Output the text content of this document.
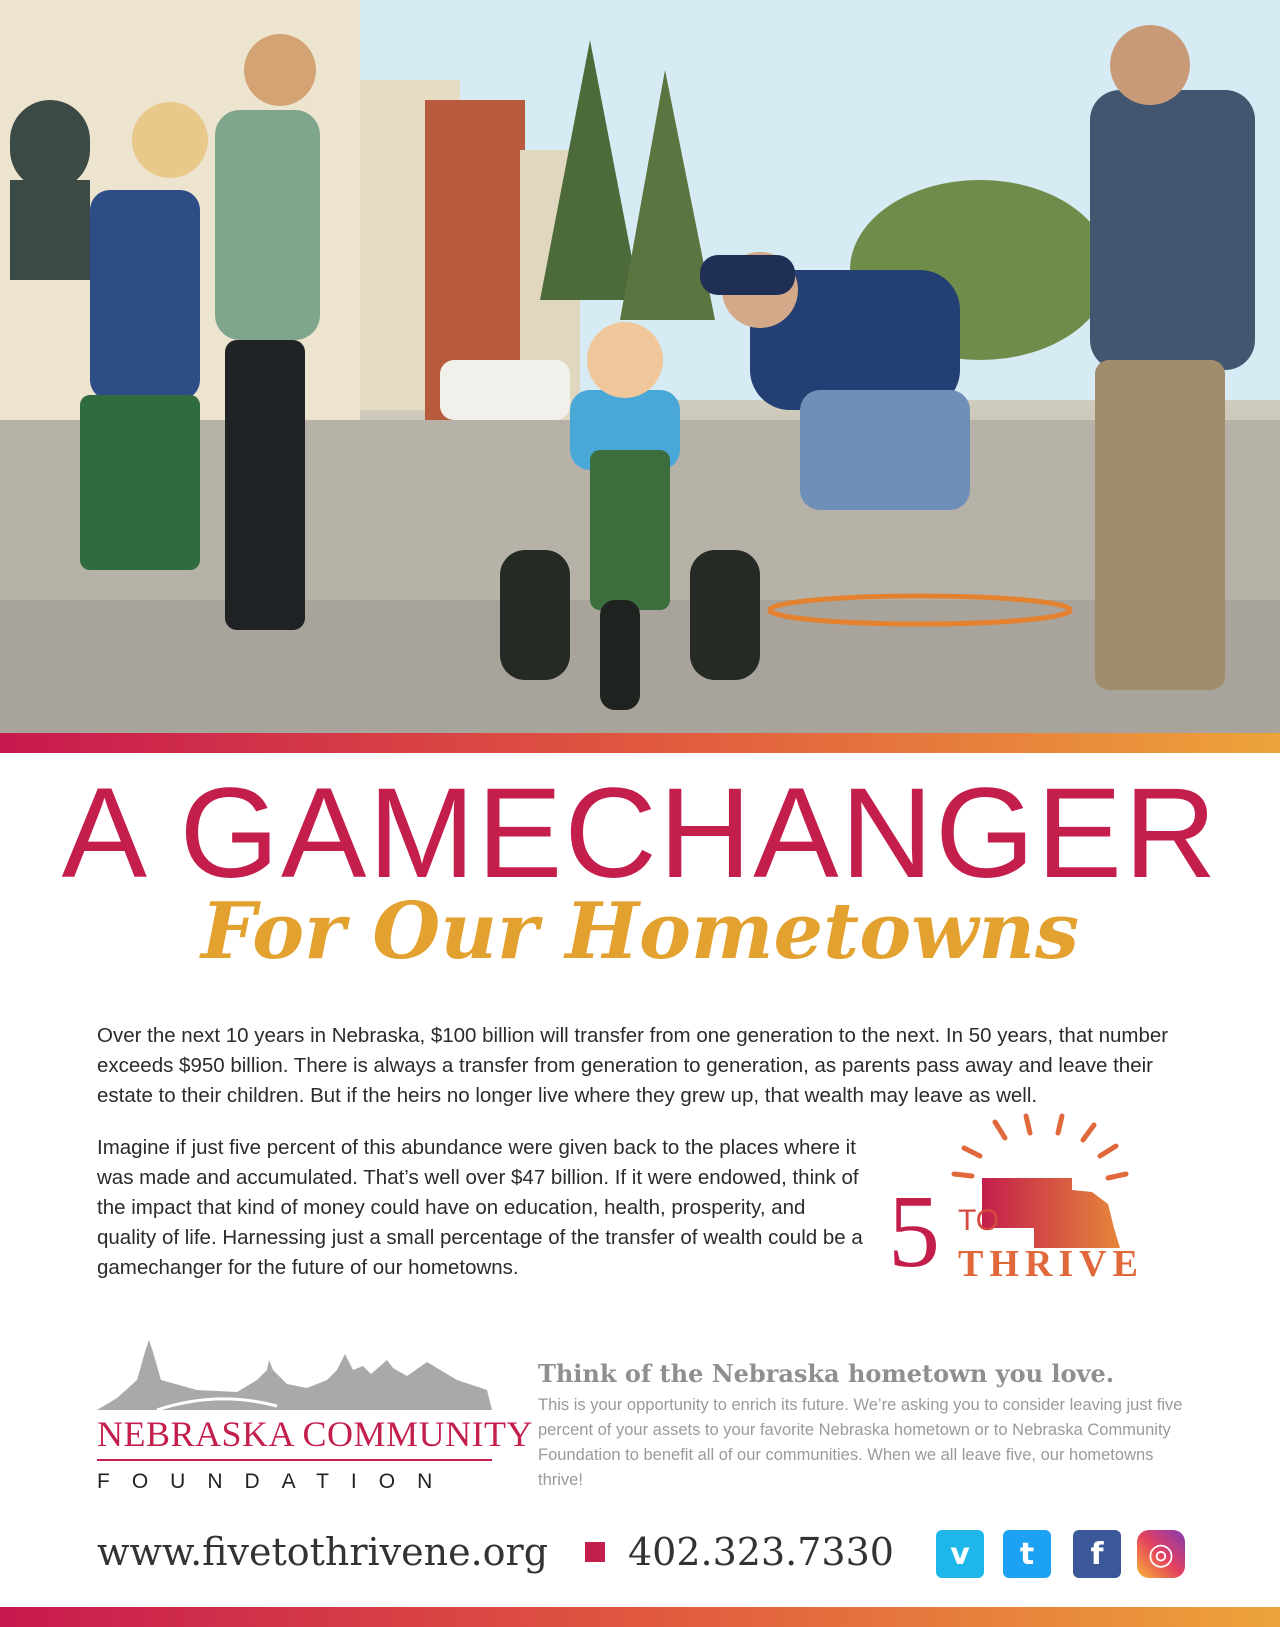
A GAMECHANGER
For Our Hometowns

Over the next 10 years in Nebraska, $100 billion will transfer from one generation to the next. In 50 years, that number exceeds $950 billion. There is always a transfer from generation to generation, as parents pass away and leave their estate to their children. But if the heirs no longer live where they grew up, that wealth may leave as well.

Imagine if just five percent of this abundance were given back to the places where it was made and accumulated. That’s well over $47 billion. If it were endowed, think of the impact that kind of money could have on education, health, prosperity, and quality of life. Harnessing just a small percentage of the transfer of wealth could be a gamechanger for the future of our hometowns.	5 TO
THRIVE
NEBRASKA COMMUNITY
FOUNDATION
Think of the Nebraska hometown you love.

This is your opportunity to enrich its future. We’re asking you to consider leaving just five percent of your assets to your favorite Nebraska hometown or to Nebraska Community Foundation to benefit all of our communities. When we all leave five, our hometowns thrive!

www.fivetothrivene.org 402.323.7330	v	t	f	◎
